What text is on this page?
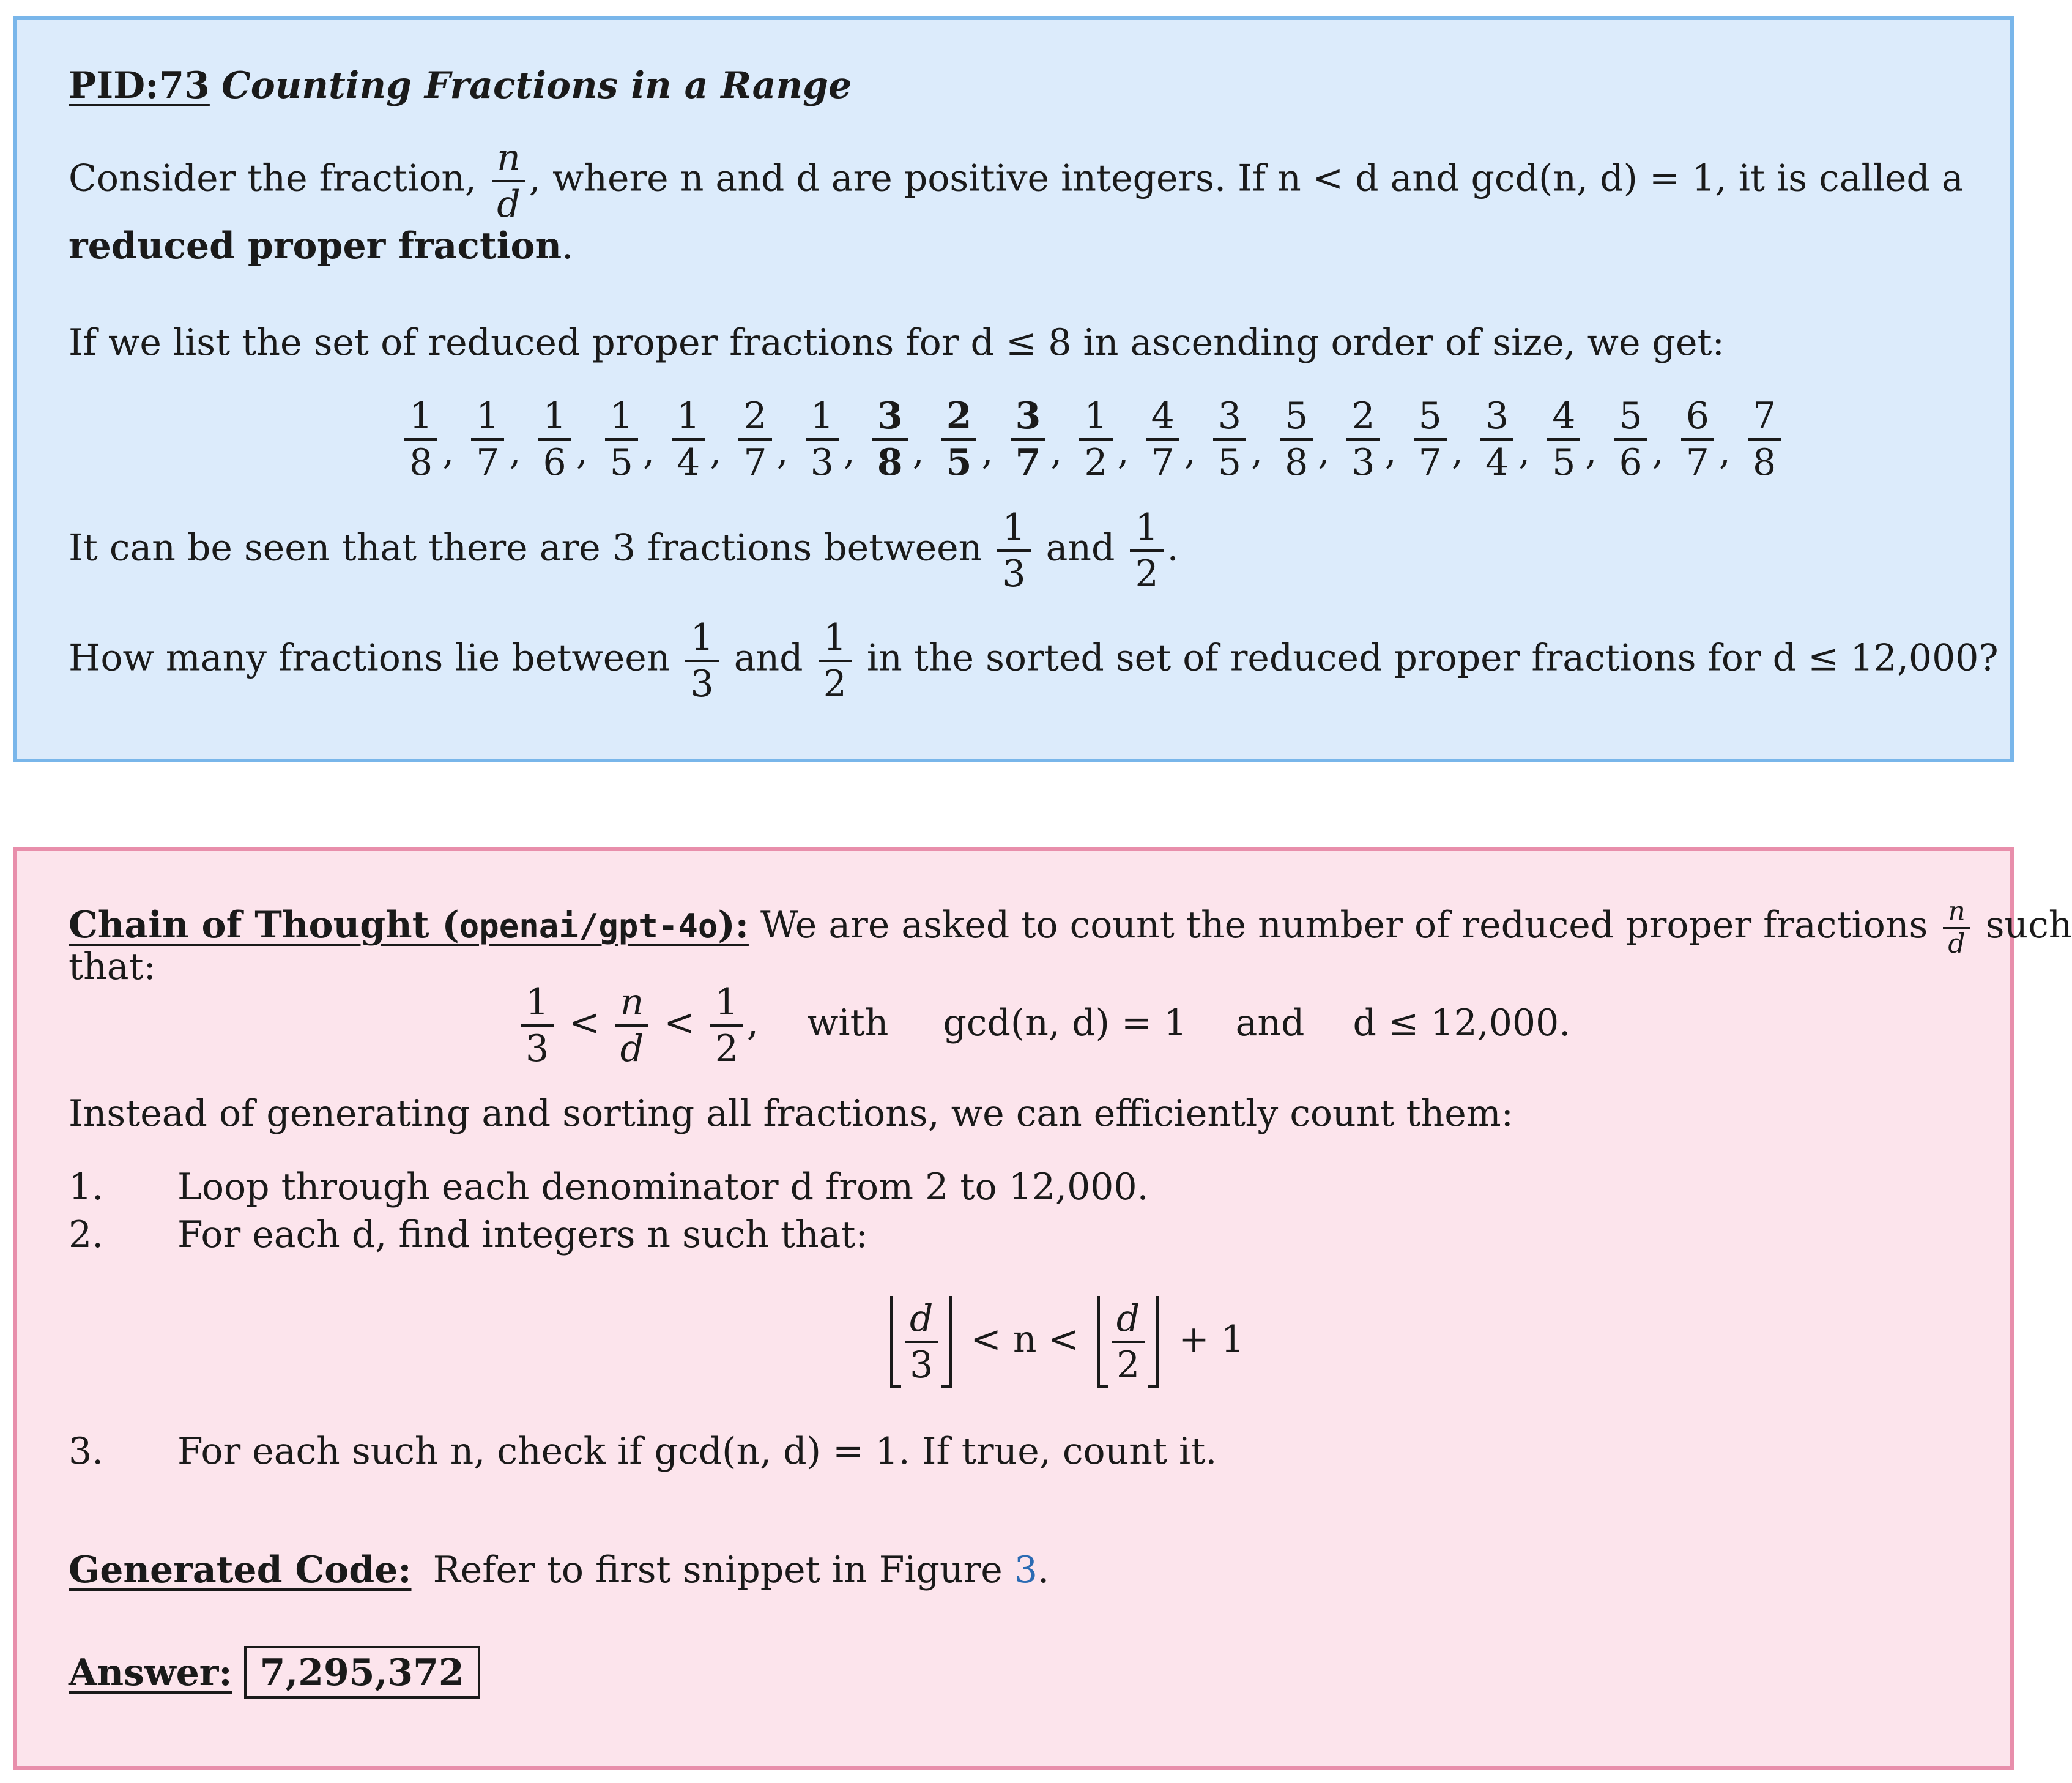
PID:73 Counting Fractions in a Range
Consider the fraction, $\frac{n}{d}$ , where n and d are positive integers. If n < d and gcd(n, d) = 1, it is called a
reduced proper fraction.
If we list the set of reduced proper fractions for d ≤ 8 in ascending order of size, we get:
$\frac{1}{8}$ , $\frac{1}{7}$ , $\frac{1}{6}$ , $\frac{1}{5}$ , $\frac{1}{4}$ , $\frac{2}{7}$ , $\frac{1}{3}$ , $\frac{3}{8}$ , $\frac{2}{5}$ , $\frac{3}{7}$ , $\frac{1}{2}$ , $\frac{4}{7}$ , $\frac{3}{5}$ , $\frac{5}{8}$ , $\frac{2}{3}$ , $\frac{5}{7}$ , $\frac{3}{4}$ , $\frac{4}{5}$ , $\frac{5}{6}$ , $\frac{6}{7}$ , $\frac{7}{8}$
It can be seen that there are 3 fractions between $\frac{1}{3}$ and $\frac{1}{2}$ .
How many fractions lie between $\frac{1}{3}$ and $\frac{1}{2}$ in the sorted set of reduced proper fractions for d ≤ 12,000?
Chain of Thought (openai/gpt-4o): We are asked to count the number of reduced proper fractions $\frac{n}{d}$ such
that:
$\frac{1}{3} < \frac{n}{d} < \frac{1}{2}$ , with gcd(n, d) = 1 and d ≤ 12,000.
Instead of generating and sorting all fractions, we can efficiently count them:
1. Loop through each denominator d from 2 to 12,000.
2. For each d, find integers n such that:
$\frac{d}{3} < n < \frac{d}{2} + 1$
3. For each such n, check if gcd(n, d) = 1. If true, count it.
Generated Code: Refer to first snippet in Figure 3.
Answer: 7,295,372
